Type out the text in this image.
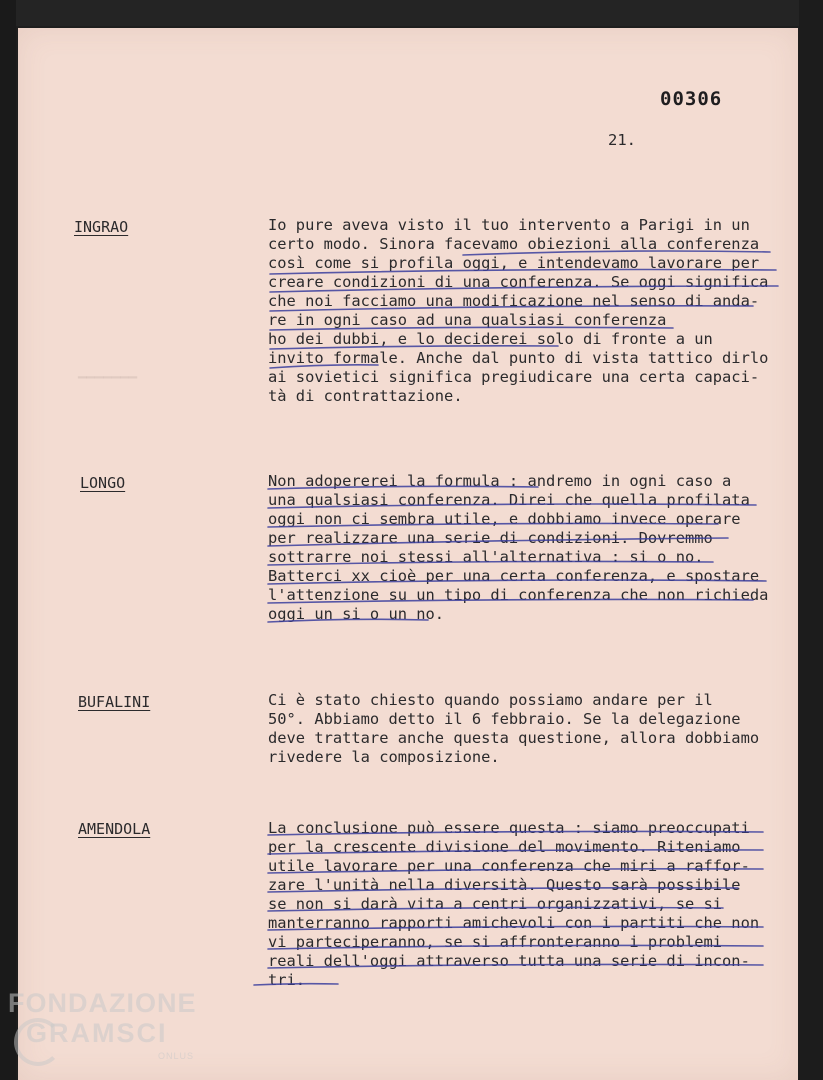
▁▁▁▁▁▁▁
00306
21.
INGRAO	Io pure aveva visto il tuo intervento a Parigi in un
certo modo. Sinora facevamo obiezioni alla conferenza
così come si profila oggi, e intendevamo lavorare per
creare condizioni di una conferenza. Se oggi significa
che noi facciamo una modificazione nel senso di anda-
re in ogni caso ad una qualsiasi conferenza
ho dei dubbi, e lo deciderei solo di fronte a un
invito formale. Anche dal punto di vista tattico dirlo
ai sovietici significa pregiudicare una certa capaci-
tà di contrattazione.
LONGO	Non adopererei la formula : andremo in ogni caso a
una qualsiasi conferenza. Direi che quella profilata
oggi non ci sembra utile, e dobbiamo invece operare
per realizzare una serie di condizioni. Dovremmo
sottrarre noi stessi all'alternativa : si o no.
Batterci xx cioè per una certa conferenza, e spostare
l'attenzione su un tipo di conferenza che non richieda
oggi un si o un no.
BUFALINI	Ci è stato chiesto quando possiamo andare per il
50°. Abbiamo detto il 6 febbraio. Se la delegazione
deve trattare anche questa questione, allora dobbiamo
rivedere la composizione.
AMENDOLA	La conclusione può essere questa : siamo preoccupati
per la crescente divisione del movimento. Riteniamo
utile lavorare per una conferenza che miri a raffor-
zare l'unità nella diversità. Questo sarà possibile
se non si darà vita a centri organizzativi, se si
manterranno rapporti amichevoli con i partiti che non
vi parteciperanno, se si affronteranno i problemi
reali dell'oggi attraverso tutta una serie di incon-
tri.
FONDAZIONE
GRAMSCI
ONLUS
